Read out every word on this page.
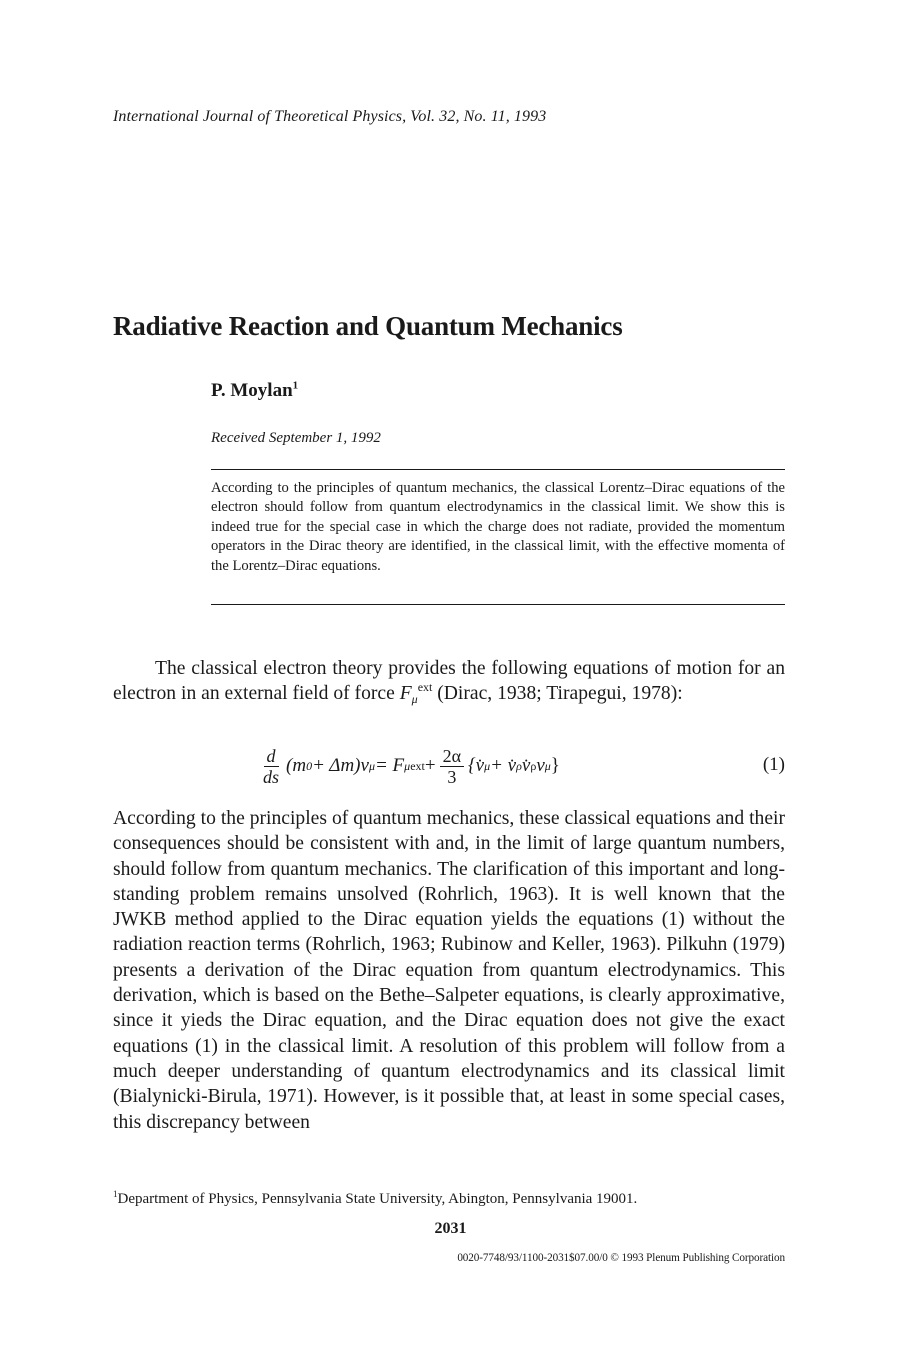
International Journal of Theoretical Physics, Vol. 32, No. 11, 1993
Radiative Reaction and Quantum Mechanics
P. Moylan$^1$
Received September 1, 1992

According to the principles of quantum mechanics, the classical Lorentz–Dirac equations of the electron should follow from quantum electrodynamics in the classical limit. We show this is indeed true for the special case in which the charge does not radiate, provided the momentum operators in the Dirac theory are identified, in the classical limit, with the effective momenta of the Lorentz–Dirac equations.

The classical electron theory provides the following equations of motion for an electron in an external field of force $F_\mu^{ext}$ (Dirac, 1938; Tirapegui, 1978):

$\frac{d}{ds} (m$ 0 + Δm)v μ = F μ ext + $\frac{2\alpha}{3}$ {v̇ μ + v̇ ρ v̇ ρ v μ }	(1)

According to the principles of quantum mechanics, these classical equations and their consequences should be consistent with and, in the limit of large quantum numbers, should follow from quantum mechanics. The clarification of this important and long-standing problem remains unsolved (Rohrlich, 1963). It is well known that the JWKB method applied to the Dirac equation yields the equations (1) without the radiation reaction terms (Rohrlich, 1963; Rubinow and Keller, 1963). Pilkuhn (1979) presents a derivation of the Dirac equation from quantum electrodynamics. This derivation, which is based on the Bethe–Salpeter equations, is clearly approximative, since it yieds the Dirac equation, and the Dirac equation does not give the exact equations (1) in the classical limit. A resolution of this problem will follow from a much deeper understanding of quantum electrodynamics and its classical limit (Bialynicki-Birula, 1971). However, is it possible that, at least in some special cases, this discrepancy between

$^1$Department of Physics, Pennsylvania State University, Abington, Pennsylvania 19001.
2031
0020-7748/93/1100-2031$07.00/0 © 1993 Plenum Publishing Corporation
